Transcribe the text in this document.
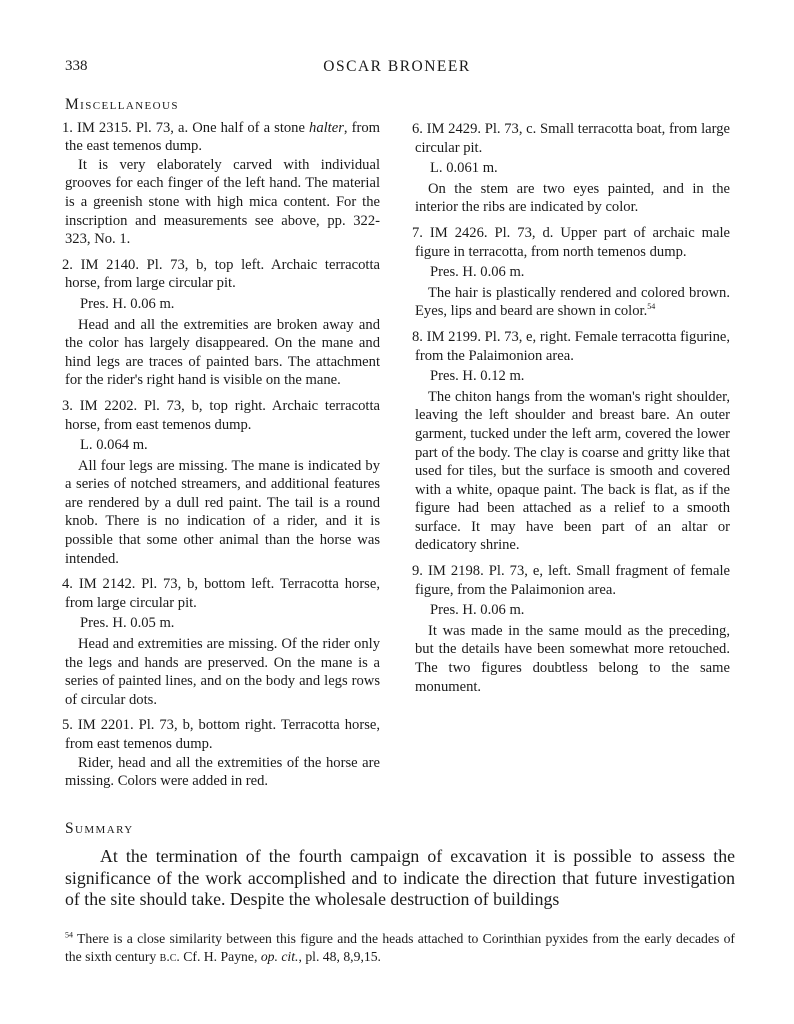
338	OSCAR BRONEER
Miscellaneous

1. IM 2315. Pl. 73, a. One half of a stone halter, from the east temenos dump.

It is very elaborately carved with individual grooves for each finger of the left hand. The material is a greenish stone with high mica content. For the inscription and measurements see above, pp. 322-323, No. 1.

2. IM 2140. Pl. 73, b, top left. Archaic terracotta horse, from large circular pit.

Pres. H. 0.06 m.

Head and all the extremities are broken away and the color has largely disappeared. On the mane and hind legs are traces of painted bars. The attachment for the rider's right hand is visible on the mane.

3. IM 2202. Pl. 73, b, top right. Archaic terracotta horse, from east temenos dump.

L. 0.064 m.

All four legs are missing. The mane is indicated by a series of notched streamers, and additional features are rendered by a dull red paint. The tail is a round knob. There is no indication of a rider, and it is possible that some other animal than the horse was intended.

4. IM 2142. Pl. 73, b, bottom left. Terracotta horse, from large circular pit.

Pres. H. 0.05 m.

Head and extremities are missing. Of the rider only the legs and hands are preserved. On the mane is a series of painted lines, and on the body and legs rows of circular dots.

5. IM 2201. Pl. 73, b, bottom right. Terracotta horse, from east temenos dump.

Rider, head and all the extremities of the horse are missing. Colors were added in red.

6. IM 2429. Pl. 73, c. Small terracotta boat, from large circular pit.

L. 0.061 m.

On the stem are two eyes painted, and in the interior the ribs are indicated by color.

7. IM 2426. Pl. 73, d. Upper part of archaic male figure in terracotta, from north temenos dump.

Pres. H. 0.06 m.

The hair is plastically rendered and colored brown. Eyes, lips and beard are shown in color.$^{54}$

8. IM 2199. Pl. 73, e, right. Female terracotta figurine, from the Palaimonion area.

Pres. H. 0.12 m.

The chiton hangs from the woman's right shoulder, leaving the left shoulder and breast bare. An outer garment, tucked under the left arm, covered the lower part of the body. The clay is coarse and gritty like that used for tiles, but the surface is smooth and covered with a white, opaque paint. The back is flat, as if the figure had been attached as a relief to a smooth surface. It may have been part of an altar or dedicatory shrine.

9. IM 2198. Pl. 73, e, left. Small fragment of female figure, from the Palaimonion area.

Pres. H. 0.06 m.

It was made in the same mould as the preceding, but the details have been somewhat more retouched. The two figures doubtless belong to the same monument.

Summary

At the termination of the fourth campaign of excavation it is possible to assess the significance of the work accomplished and to indicate the direction that future investigation of the site should take. Despite the wholesale destruction of buildings

$^{54}$ There is a close similarity between this figure and the heads attached to Corinthian pyxides from the early decades of the sixth century b.c. Cf. H. Payne, op. cit., pl. 48, 8,9,15.
